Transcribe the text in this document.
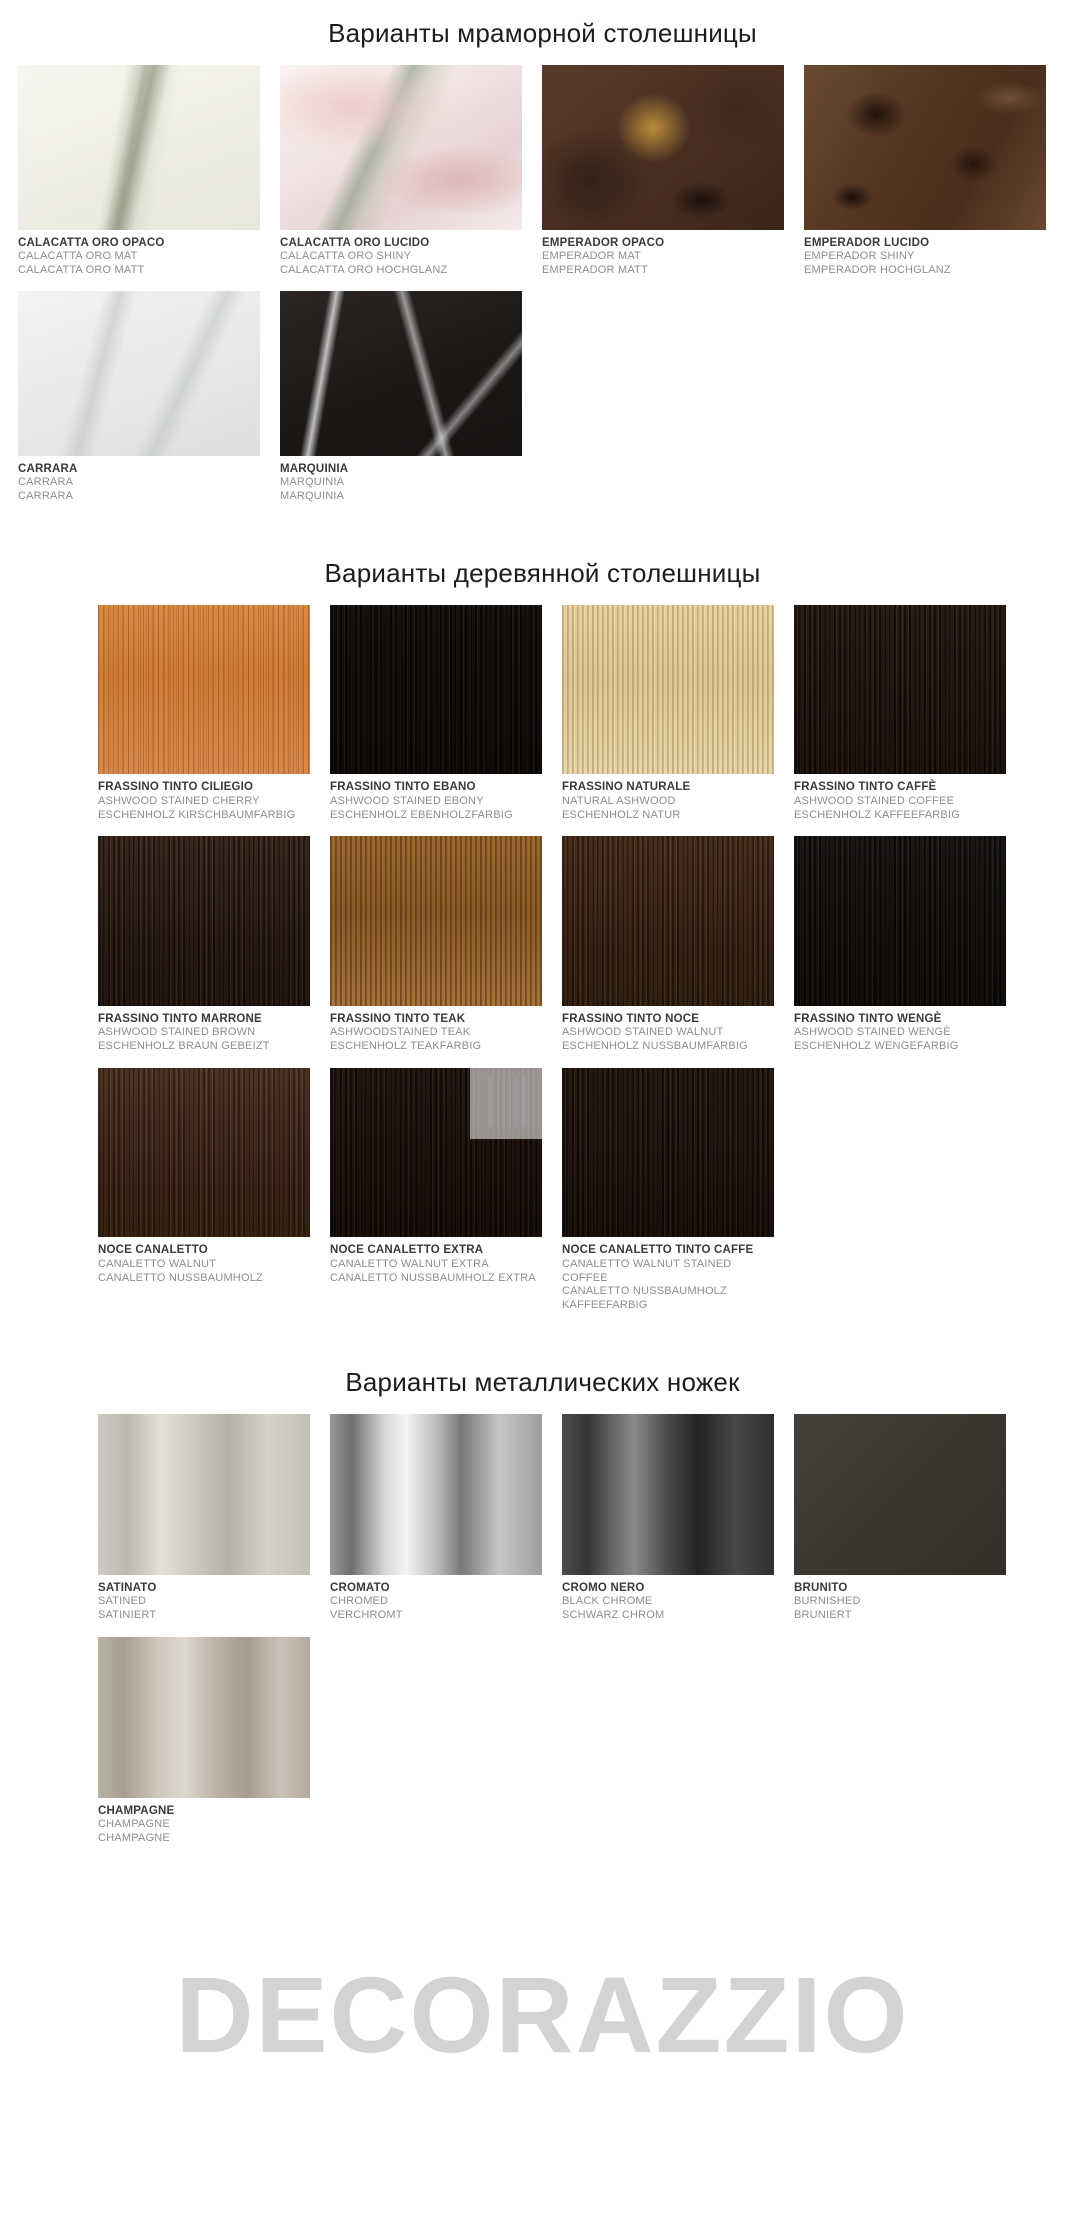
Варианты мраморной столешницы
CALACATTA ORO OPACO
CALACATTA ORO MAT
CALACATTA ORO MATT
CALACATTA ORO LUCIDO
CALACATTA ORO SHINY
CALACATTA ORO HOCHGLANZ
EMPERADOR OPACO
EMPERADOR MAT
EMPERADOR MATT
EMPERADOR LUCIDO
EMPERADOR SHINY
EMPERADOR HOCHGLANZ
CARRARA
CARRARA
CARRARA
MARQUINIA
MARQUINIA
MARQUINIA
Варианты деревянной столешницы
FRASSINO TINTO CILIEGIO
ASHWOOD STAINED CHERRY
ESCHENHOLZ KIRSCHBAUMFARBIG
FRASSINO TINTO EBANO
ASHWOOD STAINED EBONY
ESCHENHOLZ EBENHOLZFARBIG
FRASSINO NATURALE
NATURAL ASHWOOD
ESCHENHOLZ NATUR
FRASSINO TINTO CAFFÈ
ASHWOOD STAINED COFFEE
ESCHENHOLZ KAFFEEFARBIG
FRASSINO TINTO MARRONE
ASHWOOD STAINED BROWN
ESCHENHOLZ BRAUN GEBEIZT
FRASSINO TINTO TEAK
ASHWOODSTAINED TEAK
ESCHENHOLZ TEAKFARBIG
FRASSINO TINTO NOCE
ASHWOOD STAINED WALNUT
ESCHENHOLZ NUSSBAUMFARBIG
FRASSINO TINTO WENGÈ
ASHWOOD STAINED WENGÈ
ESCHENHOLZ WENGEFARBIG
NOCE CANALETTO
CANALETTO WALNUT
CANALETTO NUSSBAUMHOLZ
NOCE CANALETTO EXTRA
CANALETTO WALNUT EXTRA
CANALETTO NUSSBAUMHOLZ EXTRA
NOCE CANALETTO TINTO CAFFE
CANALETTO WALNUT STAINED COFFEE
CANALETTO NUSSBAUMHOLZ KAFFEEFARBIG
Варианты металлических ножек
SATINATO
SATINED
SATINIERT
CROMATO
CHROMED
VERCHROMT
CROMO NERO
BLACK CHROME
SCHWARZ CHROM
BRUNITO
BURNISHED
BRUNIERT
CHAMPAGNE
CHAMPAGNE
CHAMPAGNE
DECORAZZIO
